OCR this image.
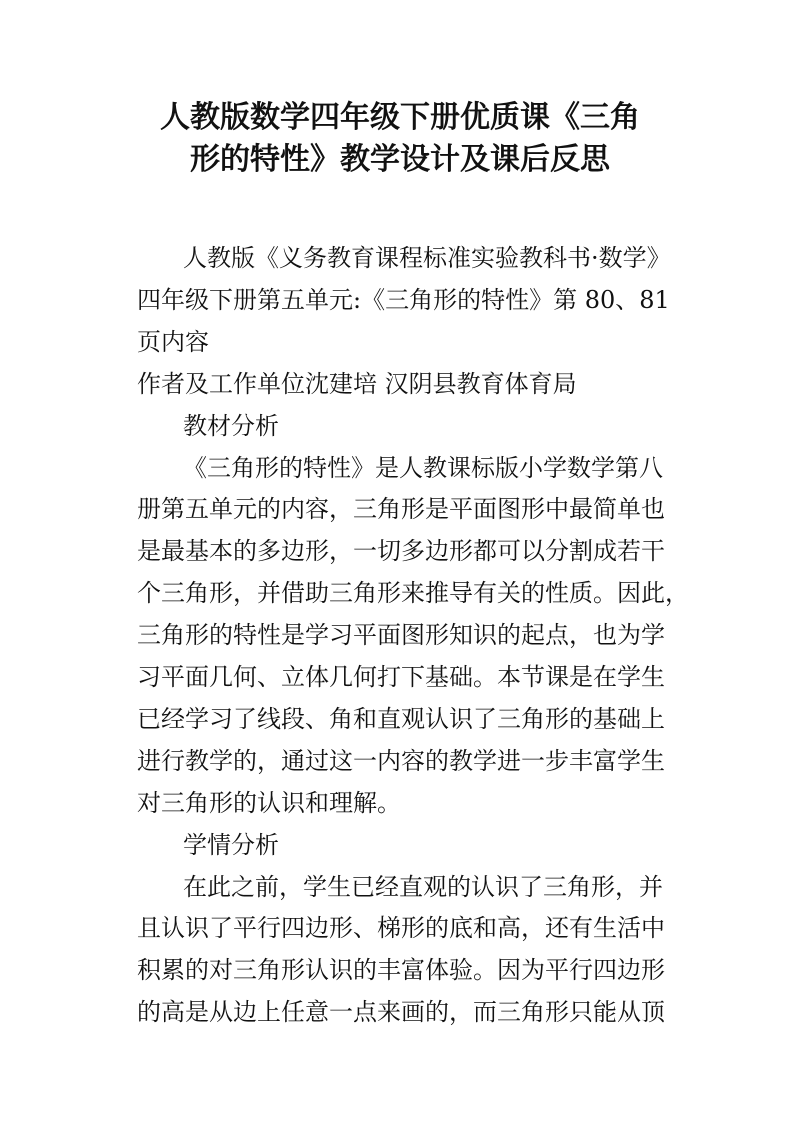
人教版数学四年级下册优质课《三角
形的特性》教学设计及课后反思
人教版《义务教育课程标准实验教科书·数学》
四年级下册第五单元:《三角形的特性》第 80、81
页内容
作者及工作单位沈建培 汉阴县教育体育局
教材分析
《三角形的特性》是人教课标版小学数学第八
册第五单元的内容，三角形是平面图形中最简单也
是最基本的多边形，一切多边形都可以分割成若干
个三角形，并借助三角形来推导有关的性质。因此，
三角形的特性是学习平面图形知识的起点，也为学
习平面几何、立体几何打下基础。本节课是在学生
已经学习了线段、角和直观认识了三角形的基础上
进行教学的，通过这一内容的教学进一步丰富学生
对三角形的认识和理解。
学情分析
在此之前，学生已经直观的认识了三角形，并
且认识了平行四边形、梯形的底和高，还有生活中
积累的对三角形认识的丰富体验。因为平行四边形
的高是从边上任意一点来画的，而三角形只能从顶
